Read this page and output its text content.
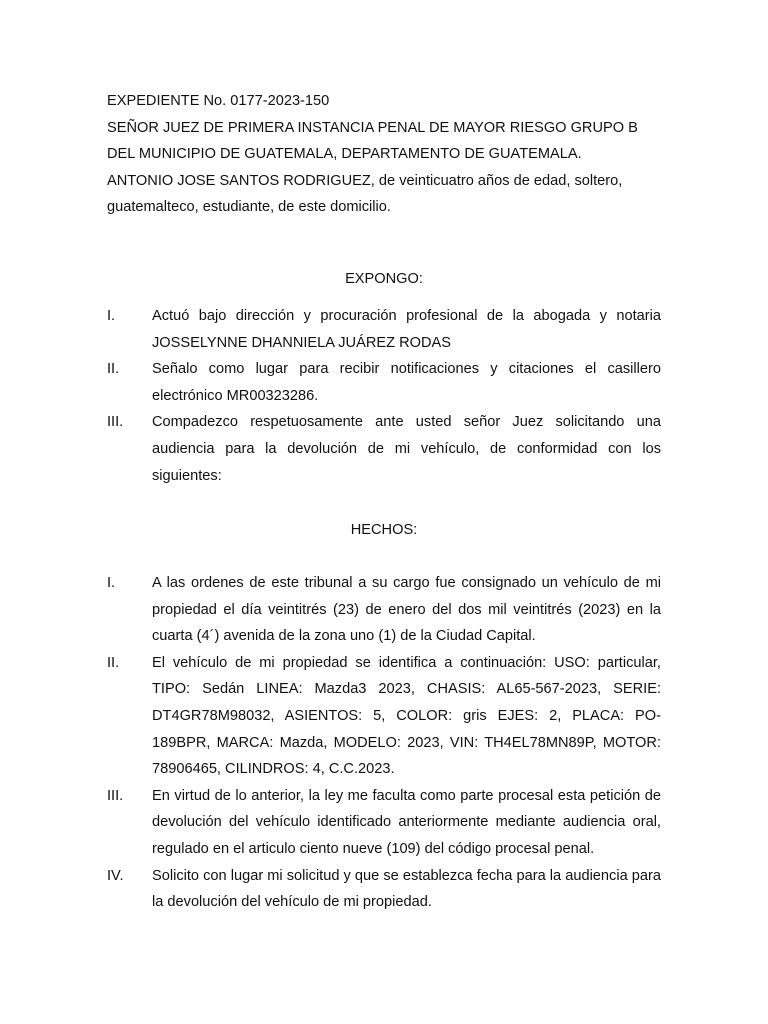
EXPEDIENTE No. 0177-2023-150

SEÑOR JUEZ DE PRIMERA INSTANCIA PENAL DE MAYOR RIESGO GRUPO B

DEL MUNICIPIO DE GUATEMALA, DEPARTAMENTO DE GUATEMALA.

ANTONIO JOSE SANTOS RODRIGUEZ, de veinticuatro años de edad, soltero,

guatemalteco, estudiante, de este domicilio.

EXPONGO:

I.	Actuó bajo dirección y procuración profesional de la abogada y notaria JOSSELYNNE DHANNIELA JUÁREZ RODAS
II.	Señalo como lugar para recibir notificaciones y citaciones el casillero electrónico MR00323286.
III.	Compadezco respetuosamente ante usted señor Juez solicitando una audiencia para la devolución de mi vehículo, de conformidad con los siguientes:

HECHOS:

I.	A las ordenes de este tribunal a su cargo fue consignado un vehículo de mi propiedad el día veintitrés (23) de enero del dos mil veintitrés (2023) en la cuarta (4´) avenida de la zona uno (1) de la Ciudad Capital.
II.	El vehículo de mi propiedad se identifica a continuación: USO: particular, TIPO: Sedán LINEA: Mazda3 2023, CHASIS: AL65-567-2023, SERIE: DT4GR78M98032, ASIENTOS: 5, COLOR: gris EJES: 2, PLACA: PO-189BPR, MARCA: Mazda, MODELO: 2023, VIN: TH4EL78MN89P, MOTOR: 78906465, CILINDROS: 4, C.C.2023.
III.	En virtud de lo anterior, la ley me faculta como parte procesal esta petición de devolución del vehículo identificado anteriormente mediante audiencia oral, regulado en el articulo ciento nueve (109) del código procesal penal.
IV.	Solicito con lugar mi solicitud y que se establezca fecha para la audiencia para la devolución del vehículo de mi propiedad.
